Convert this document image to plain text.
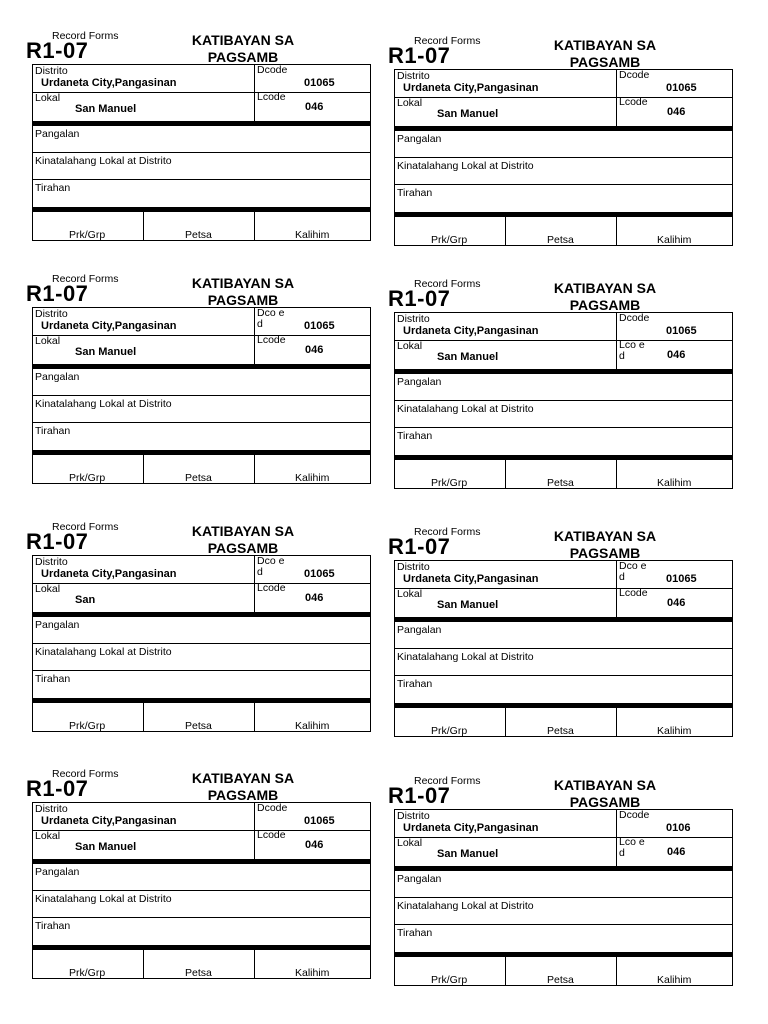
Record Forms
R1-07	KATIBAYAN SA
PAGSAMB
Distrito
Urdaneta City,Pangasinan
Dcode
01065
Lokal
San Manuel
Lcode
046
Pangalan
Kinatalahang Lokal at Distrito
Tirahan
Prk/Grp	Petsa	Kalihim
Record Forms
R1-07	KATIBAYAN SA
PAGSAMB
Distrito
Urdaneta City,Pangasinan
Dcode
01065
Lokal
San Manuel
Lcode
046
Pangalan
Kinatalahang Lokal at Distrito
Tirahan
Prk/Grp	Petsa	Kalihim
Record Forms
R1-07	KATIBAYAN SA
PAGSAMB
Distrito
Urdaneta City,Pangasinan
Dco e d	01065
Lokal
San Manuel
Lcode
046
Pangalan
Kinatalahang Lokal at Distrito
Tirahan
Prk/Grp	Petsa	Kalihim
Record Forms
R1-07	KATIBAYAN SA
PAGSAMB
Distrito
Urdaneta City,Pangasinan
Dcode
01065
Lokal
San Manuel
Lco e d	046
Pangalan
Kinatalahang Lokal at Distrito
Tirahan
Prk/Grp	Petsa	Kalihim
Record Forms
R1-07	KATIBAYAN SA
PAGSAMB
Distrito
Urdaneta City,Pangasinan
Dco e d	01065
Lokal
San
Lcode
046
Pangalan
Kinatalahang Lokal at Distrito
Tirahan
Prk/Grp	Petsa	Kalihim
Record Forms
R1-07	KATIBAYAN SA
PAGSAMB
Distrito
Urdaneta City,Pangasinan
Dco e d	01065
Lokal
San Manuel
Lcode
046
Pangalan
Kinatalahang Lokal at Distrito
Tirahan
Prk/Grp	Petsa	Kalihim
Record Forms
R1-07	KATIBAYAN SA
PAGSAMB
Distrito
Urdaneta City,Pangasinan
Dcode
01065
Lokal
San Manuel
Lcode
046
Pangalan
Kinatalahang Lokal at Distrito
Tirahan
Prk/Grp	Petsa	Kalihim
Record Forms
R1-07	KATIBAYAN SA
PAGSAMB
Distrito
Urdaneta City,Pangasinan
Dcode
0106
Lokal
San Manuel
Lco e d	046
Pangalan
Kinatalahang Lokal at Distrito
Tirahan
Prk/Grp	Petsa	Kalihim
